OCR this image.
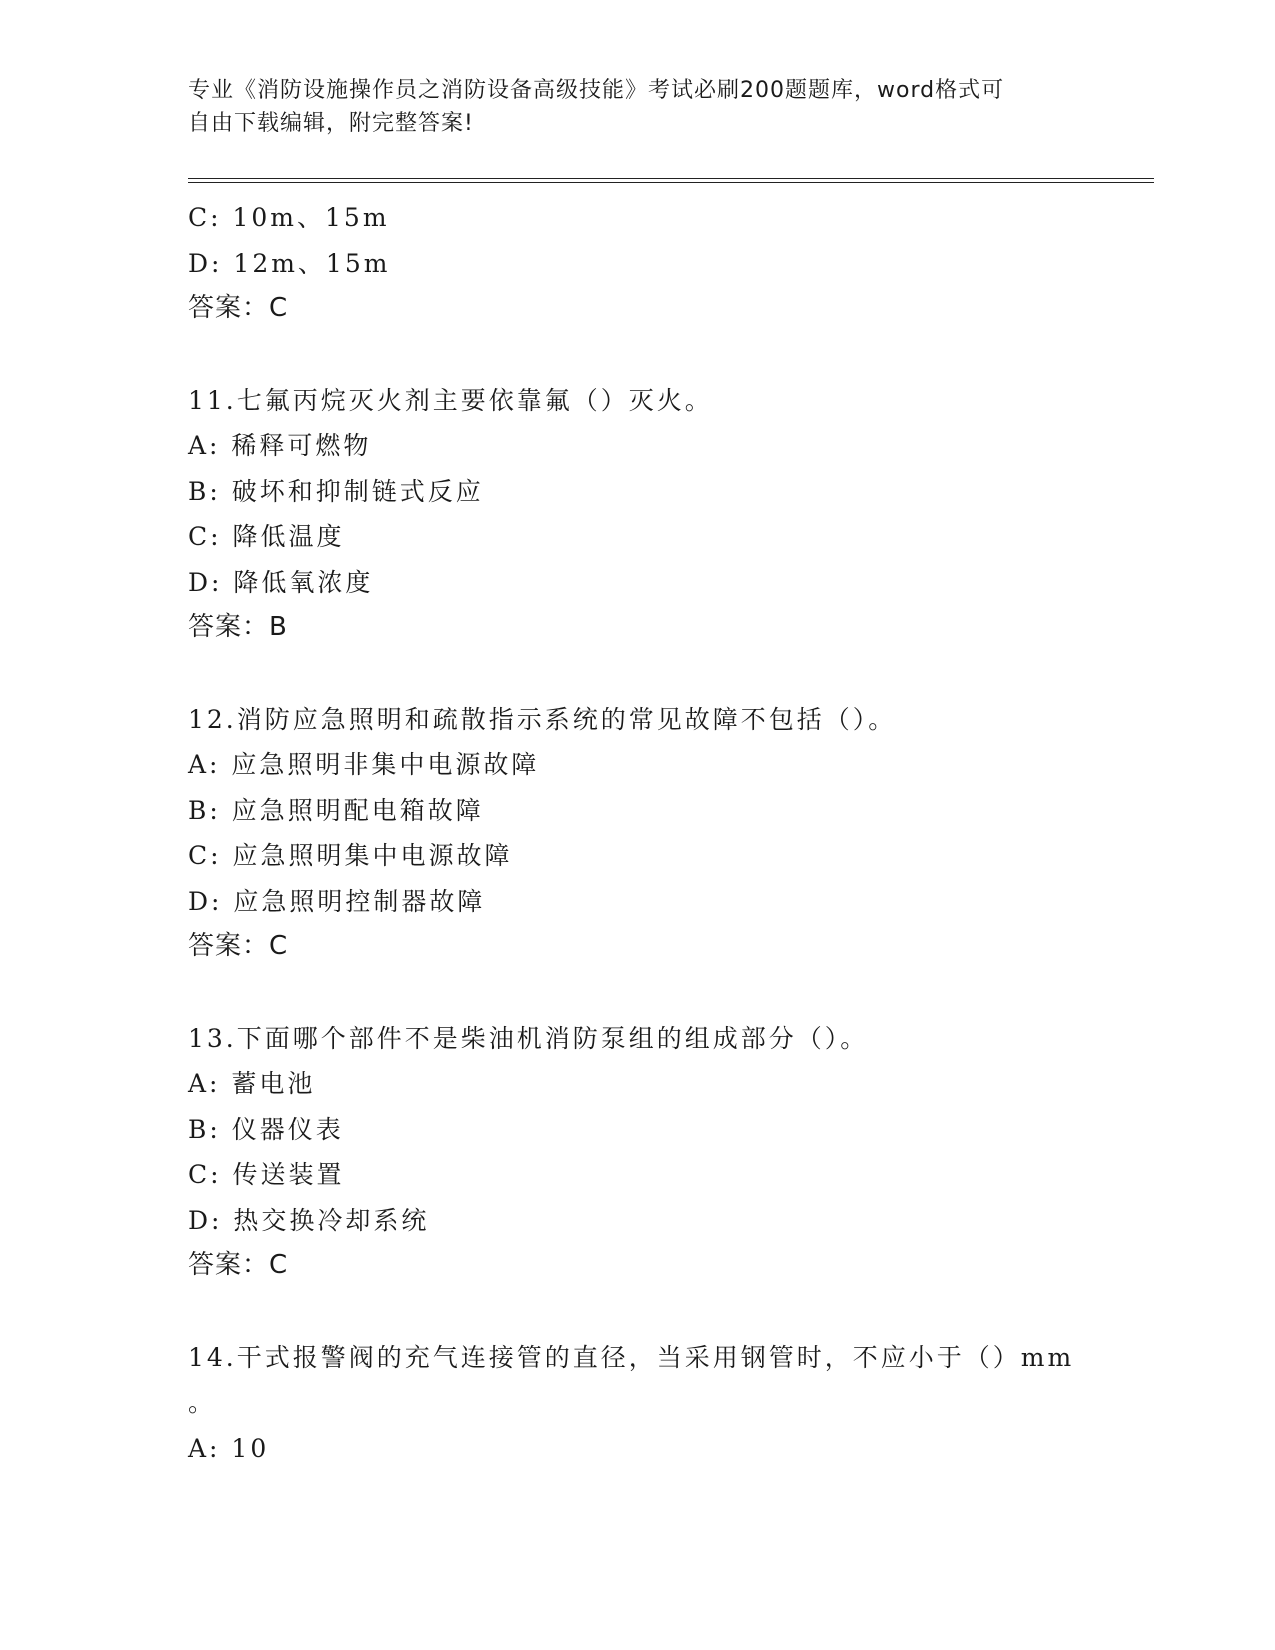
专业《消防设施操作员之消防设备高级技能》考试必刷200题题库，word格式可
自由下载编辑，附完整答案!
C: 10m、15m
D: 12m、15m
答案：C
11.七氟丙烷灭火剂主要依靠氟（）灭火。
A: 稀释可燃物
B: 破坏和抑制链式反应
C: 降低温度
D: 降低氧浓度
答案：B
12.消防应急照明和疏散指示系统的常见故障不包括（）。
A: 应急照明非集中电源故障
B: 应急照明配电箱故障
C: 应急照明集中电源故障
D: 应急照明控制器故障
答案：C
13.下面哪个部件不是柴油机消防泵组的组成部分（）。
A: 蓄电池
B: 仪器仪表
C: 传送装置
D: 热交换冷却系统
答案：C
14.干式报警阀的充气连接管的直径，当采用钢管时，不应小于（）mm
。
A: 10
